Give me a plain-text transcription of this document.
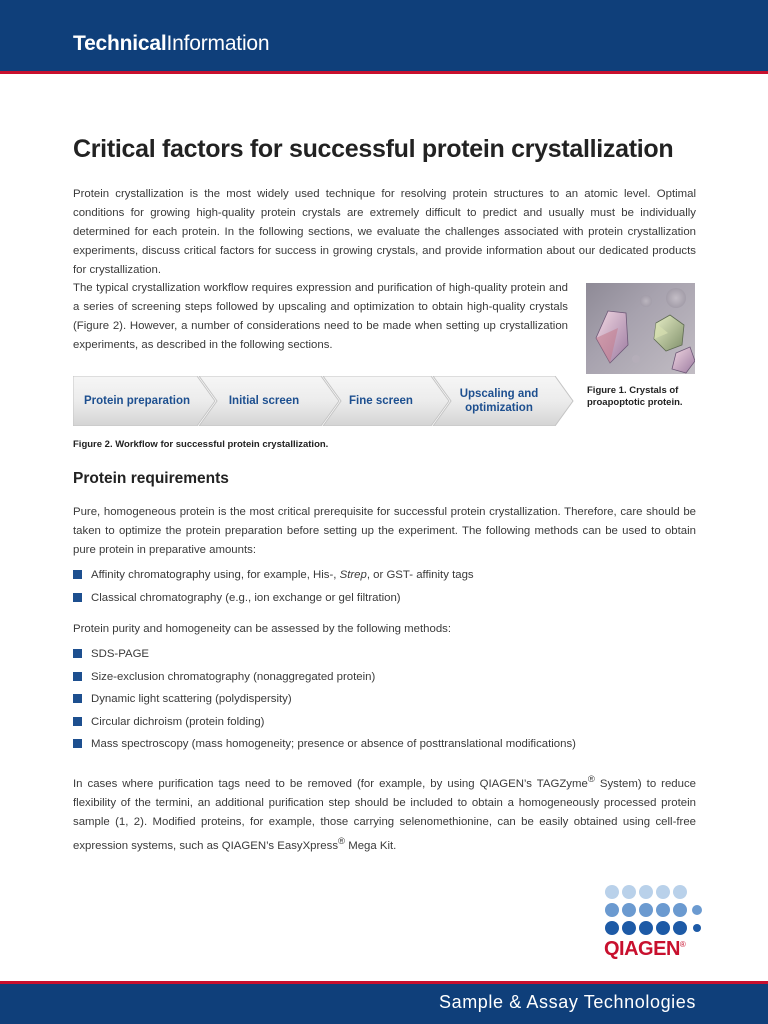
TechnicalInformation
Critical factors for successful protein crystallization

Protein crystallization is the most widely used technique for resolving protein structures to an atomic level. Optimal conditions for growing high-quality protein crystals are extremely difficult to predict and usually must be individually determined for each protein. In the following sections, we evaluate the challenges associated with protein crystallization experiments, discuss critical factors for success in growing crystals, and provide information about our dedicated products for crystallization.

The typical crystallization workflow requires expression and purification of high-quality protein and a series of screening steps followed by upscaling and optimization to obtain high-quality crystals (Figure 2). However, a number of considerations need to be made when setting up crystallization experiments, as described in the following sections.

Figure 1. Crystals of proapoptotic protein.
Protein preparation	Initial screen	Fine screen
Upscaling and optimization
Figure 2. Workflow for successful protein crystallization.
Protein requirements

Pure, homogeneous protein is the most critical prerequisite for successful protein crystallization. Therefore, care should be taken to optimize the protein preparation before setting up the experiment. The following methods can be used to obtain pure protein in preparative amounts:

Affinity chromatography using, for example, His-, Strep, or GST- affinity tags
Classical chromatography (e.g., ion exchange or gel filtration)

Protein purity and homogeneity can be assessed by the following methods:

SDS-PAGE
Size-exclusion chromatography (nonaggregated protein)
Dynamic light scattering (polydispersity)
Circular dichroism (protein folding)
Mass spectroscopy (mass homogeneity; presence or absence of posttranslational modifications)

In cases where purification tags need to be removed (for example, by using QIAGEN’s TAGZyme® System) to reduce flexibility of the termini, an additional purification step should be included to obtain a homogeneously processed protein sample (1, 2). Modified proteins, for example, those carrying selenomethionine, can be easily obtained using cell-free expression systems, such as QIAGEN’s EasyXpress® Mega Kit.

QIAGEN®
Sample & Assay Technologies
